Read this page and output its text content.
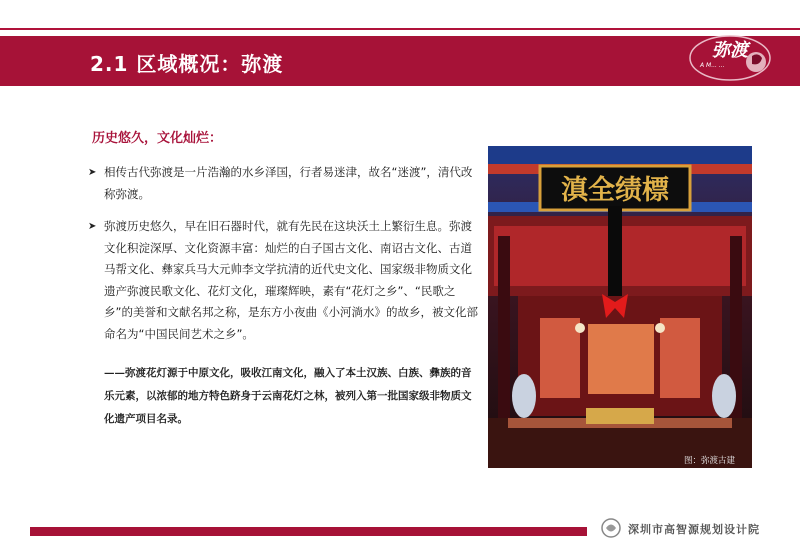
2.1 区域概况：弥渡
弥渡
A M... ...
历史悠久，文化灿烂：
➤ 相传古代弥渡是一片浩瀚的水乡泽国，行者易迷津，故名“迷渡”，清代改称弥渡。
➤ 弥渡历史悠久，早在旧石器时代，就有先民在这块沃土上繁衍生息。弥渡文化积淀深厚、文化资源丰富：灿烂的白子国古文化、南诏古文化、古道马帮文化、彝家兵马大元帅李文学抗清的近代史文化、国家级非物质文化遗产弥渡民歌文化、花灯文化，璀璨辉映，素有“花灯之乡”、“民歌之乡”的美誉和文献名邦之称，是东方小夜曲《小河淌水》的故乡，被文化部命名为“中国民间艺术之乡”。
——弥渡花灯源于中原文化，吸收江南文化，融入了本土汉族、白族、彝族的音乐元素，以浓郁的地方特色跻身于云南花灯之林，被列入第一批国家级非物质文化遗产项目名录。
滇全绩標
图：弥渡古建
深圳市高智源规划设计院
